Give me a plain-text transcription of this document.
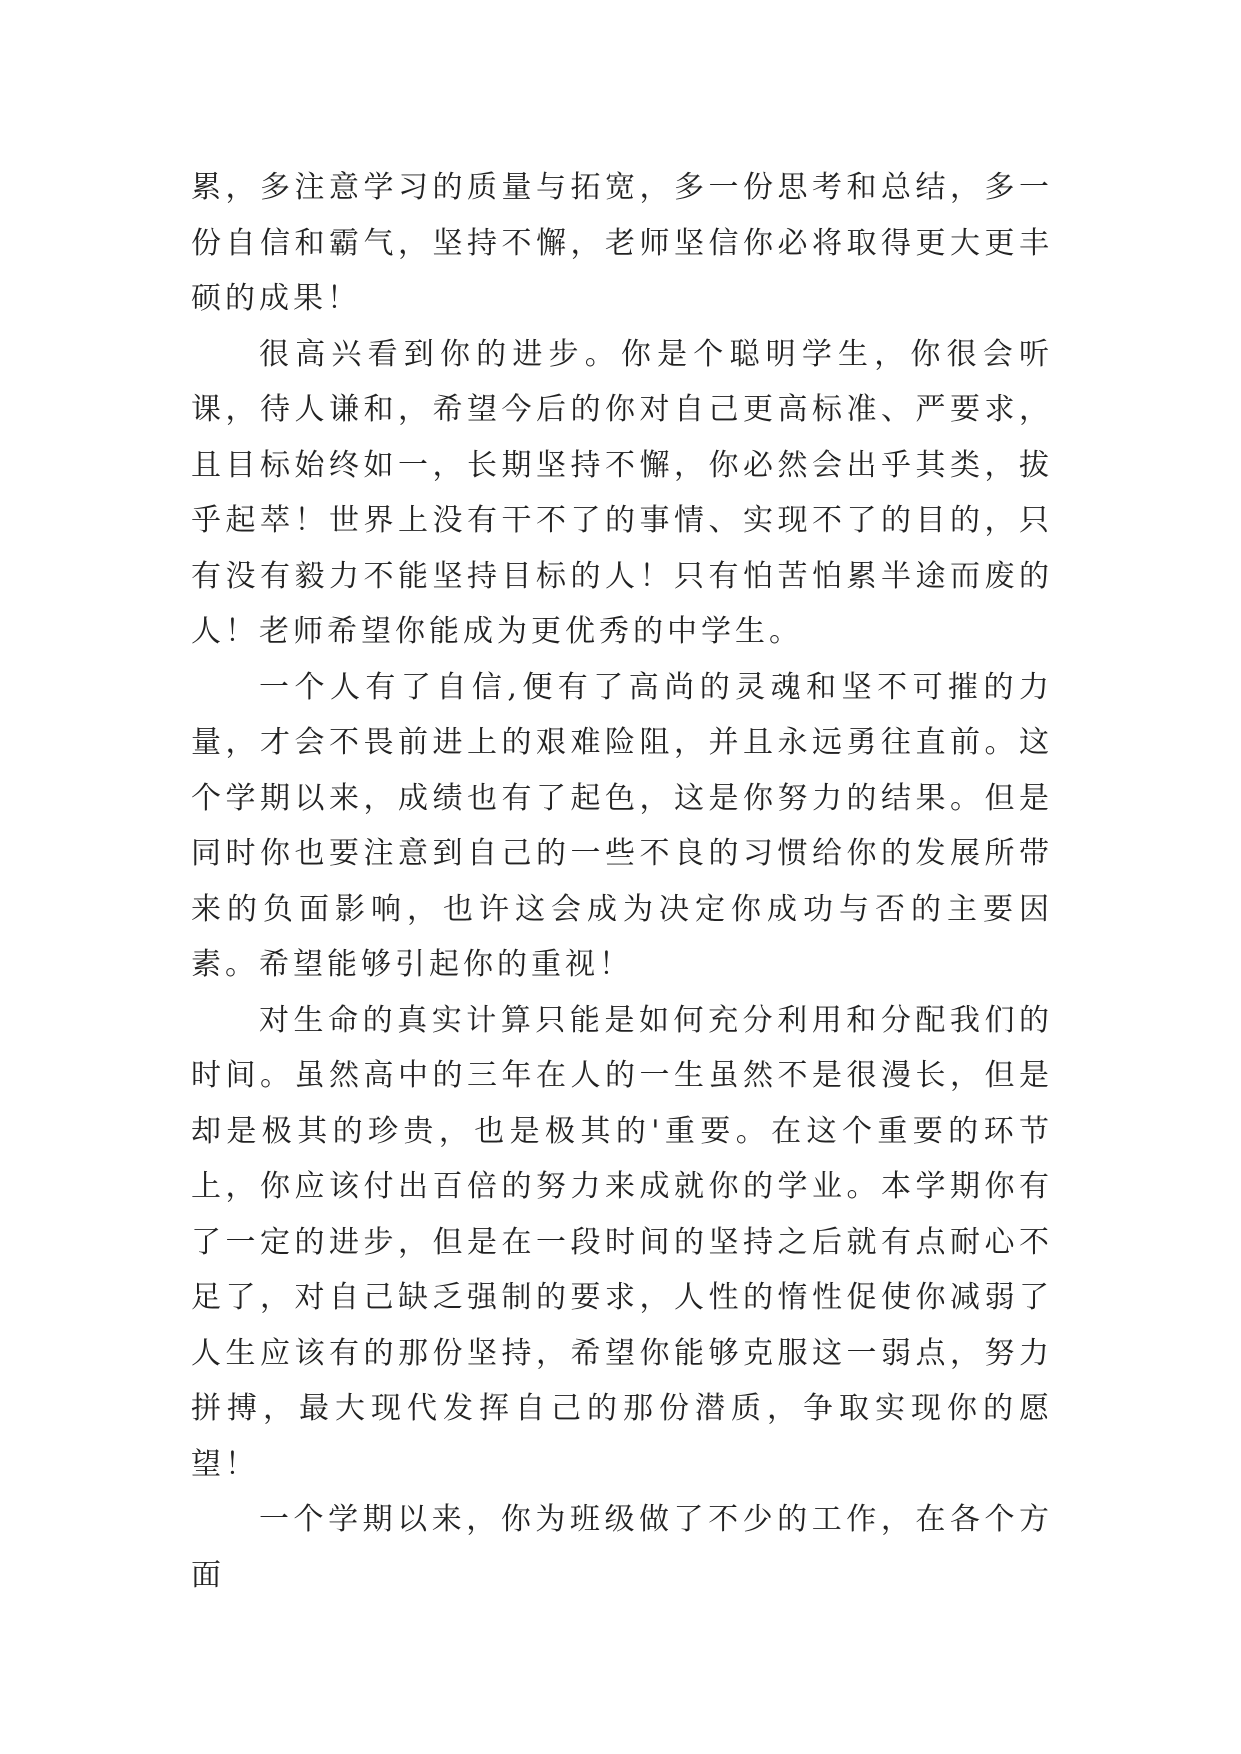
累，多注意学习的质量与拓宽，多一份思考和总结，多一份自信和霸气，坚持不懈，老师坚信你必将取得更大更丰硕的成果！

很高兴看到你的进步。你是个聪明学生，你很会听课，待人谦和，希望今后的你对自己更高标准、严要求，且目标始终如一，长期坚持不懈，你必然会出乎其类，拔乎起萃！世界上没有干不了的事情、实现不了的目的，只有没有毅力不能坚持目标的人！只有怕苦怕累半途而废的人！老师希望你能成为更优秀的中学生。

一个人有了自信,便有了高尚的灵魂和坚不可摧的力量，才会不畏前进上的艰难险阻，并且永远勇往直前。这个学期以来，成绩也有了起色，这是你努力的结果。但是同时你也要注意到自己的一些不良的习惯给你的发展所带来的负面影响，也许这会成为决定你成功与否的主要因素。希望能够引起你的重视！

对生命的真实计算只能是如何充分利用和分配我们的时间。虽然高中的三年在人的一生虽然不是很漫长，但是却是极其的珍贵，也是极其的'重要。在这个重要的环节上，你应该付出百倍的努力来成就你的学业。本学期你有了一定的进步，但是在一段时间的坚持之后就有点耐心不足了，对自己缺乏强制的要求，人性的惰性促使你减弱了人生应该有的那份坚持，希望你能够克服这一弱点，努力拼搏，最大现代发挥自己的那份潜质，争取实现你的愿望！

一个学期以来，你为班级做了不少的工作，在各个方面
